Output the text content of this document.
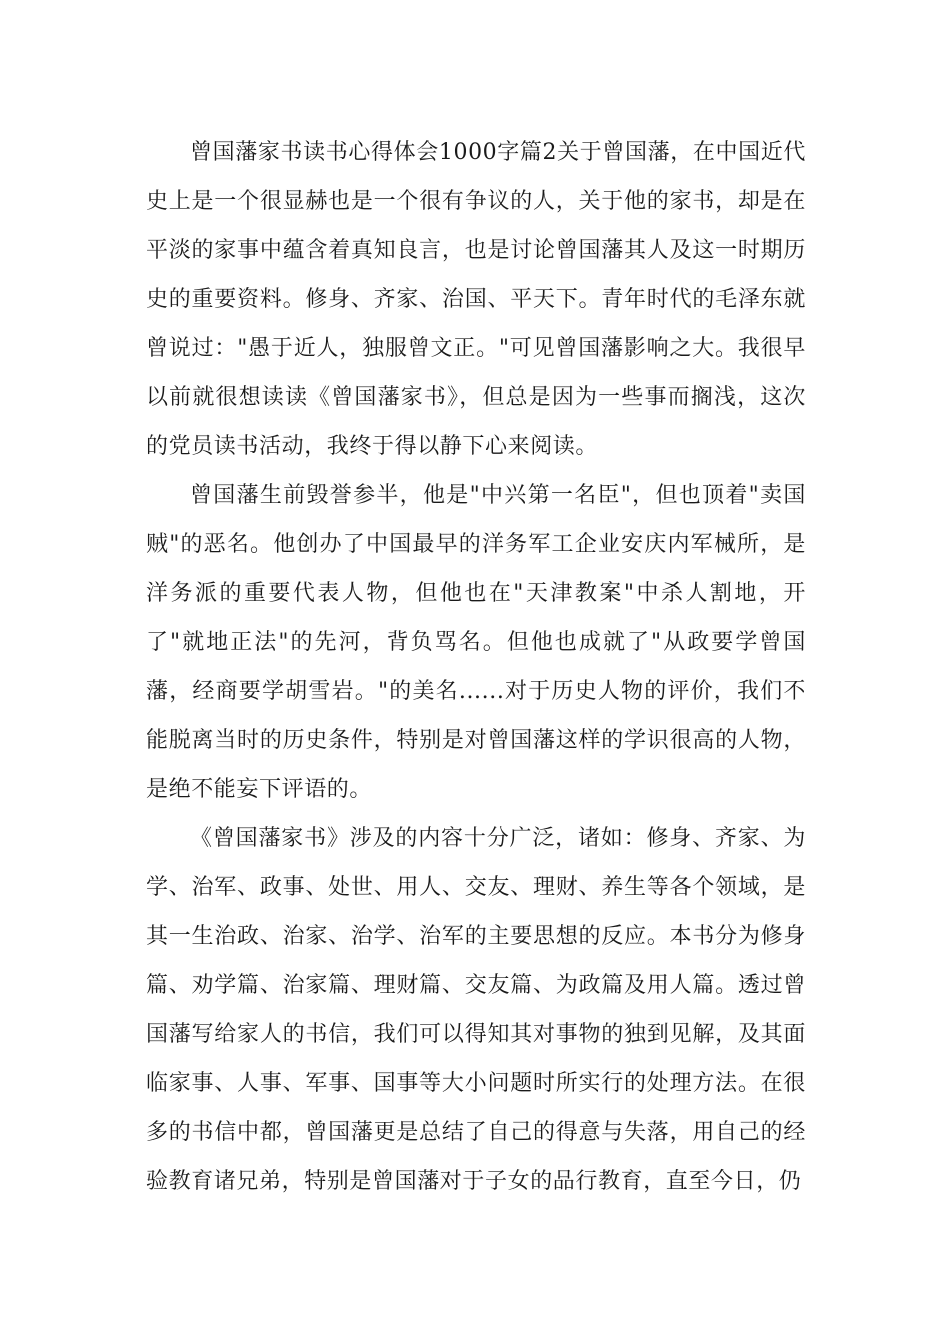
曾国藩家书读书心得体会1000字篇2关于曾国藩，在中国近代史上是一个很显赫也是一个很有争议的人，关于他的家书，却是在平淡的家事中蕴含着真知良言，也是讨论曾国藩其人及这一时期历史的重要资料。修身、齐家、治国、平天下。青年时代的毛泽东就曾说过："愚于近人，独服曾文正。"可见曾国藩影响之大。我很早以前就很想读读《曾国藩家书》，但总是因为一些事而搁浅，这次的党员读书活动，我终于得以静下心来阅读。

曾国藩生前毁誉参半，他是"中兴第一名臣"，但也顶着"卖国贼"的恶名。他创办了中国最早的洋务军工企业安庆内军械所，是洋务派的重要代表人物，但他也在"天津教案"中杀人割地，开了"就地正法"的先河，背负骂名。但他也成就了"从政要学曾国藩，经商要学胡雪岩。"的美名......对于历史人物的评价，我们不能脱离当时的历史条件，特别是对曾国藩这样的学识很高的人物，是绝不能妄下评语的。

《曾国藩家书》涉及的内容十分广泛，诸如：修身、齐家、为学、治军、政事、处世、用人、交友、理财、养生等各个领域，是其一生治政、治家、治学、治军的主要思想的反应。本书分为修身篇、劝学篇、治家篇、理财篇、交友篇、为政篇及用人篇。透过曾国藩写给家人的书信，我们可以得知其对事物的独到见解，及其面临家事、人事、军事、国事等大小问题时所实行的处理方法。在很多的书信中都，曾国藩更是总结了自己的得意与失落，用自己的经验教育诸兄弟，特别是曾国藩对于子女的品行教育，直至今日，仍
